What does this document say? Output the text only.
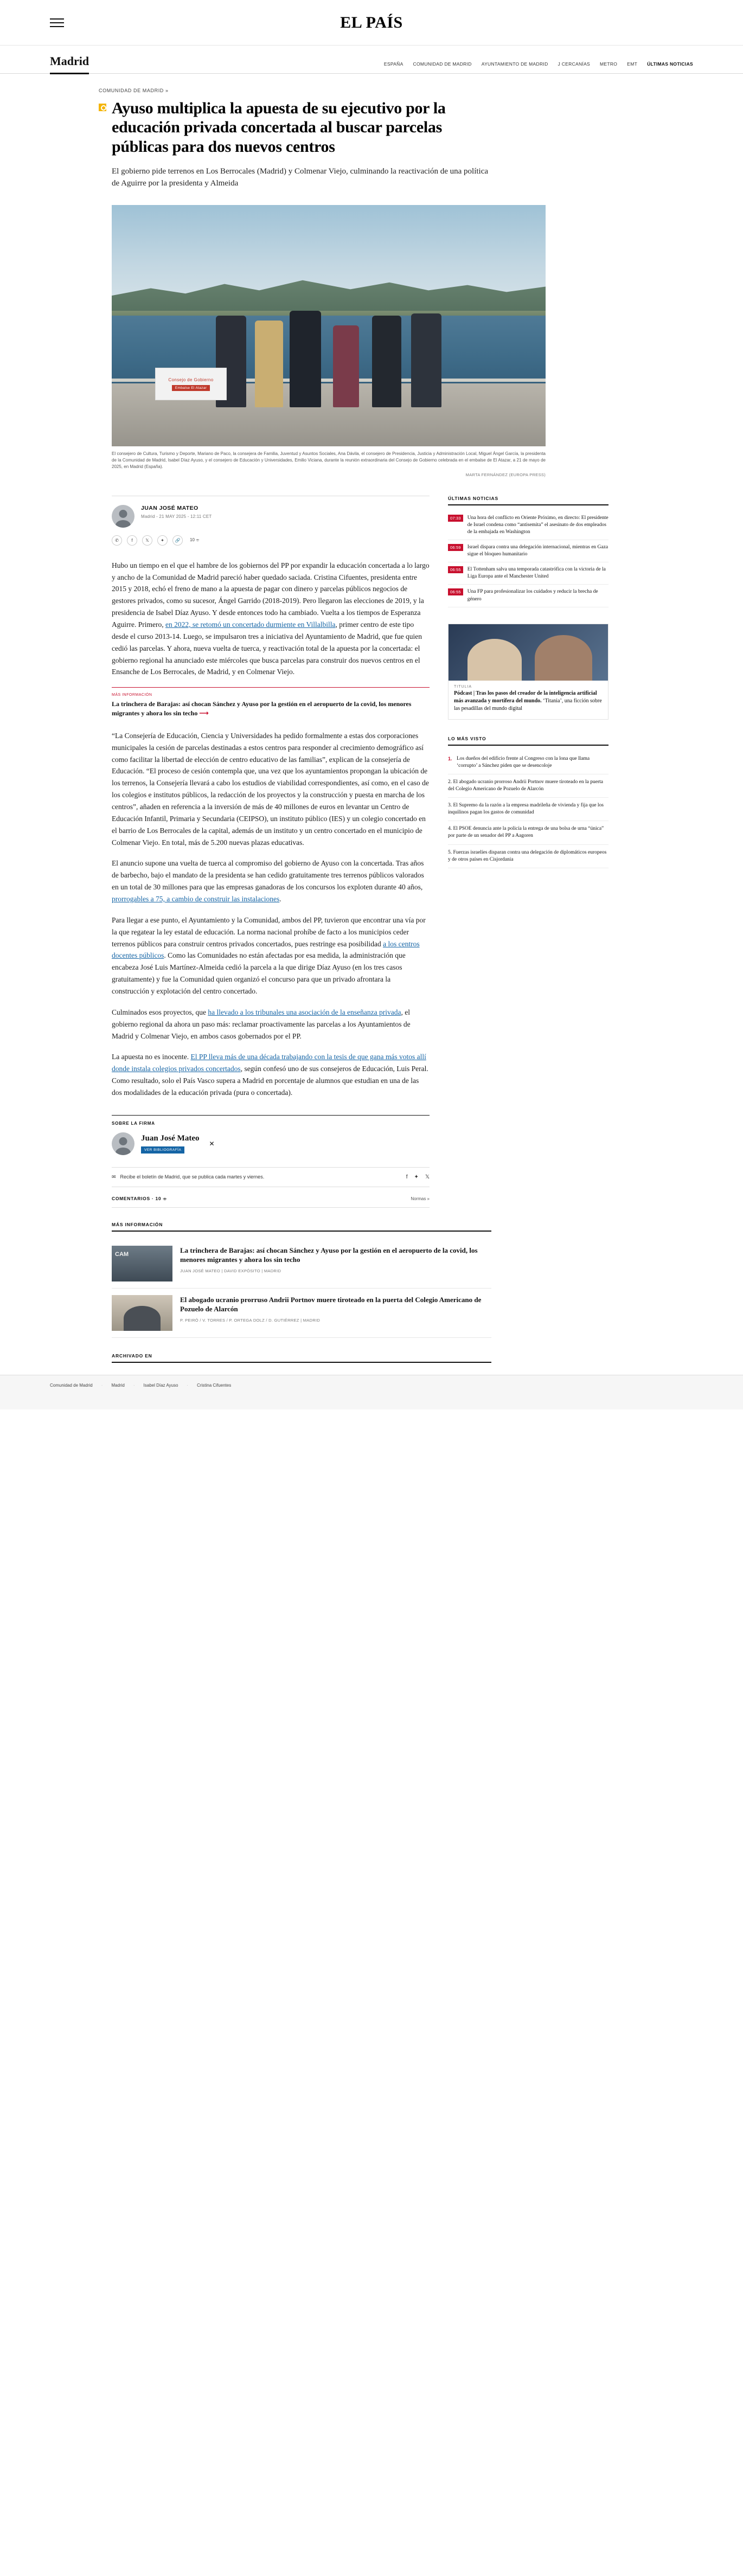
EL PAÍS
Madrid	ESPAÑA COMUNIDAD DE MADRID AYUNTAMIENTO DE MADRID J CERCANÍAS METRO EMT ÚLTIMAS NOTICIAS
COMUNIDAD DE MADRID »
Ayuso multiplica la apuesta de su ejecutivo por la educación privada concertada al buscar parcelas públicas para dos nuevos centros
El gobierno pide terrenos en Los Berrocales (Madrid) y Colmenar Viejo, culminando la reactivación de una política de Aguirre por la presidenta y Almeida
Consejo de Gobierno
Embalse El Atazar
El consejero de Cultura, Turismo y Deporte, Mariano de Paco, la consejera de Familia, Juventud y Asuntos Sociales, Ana Dávila, el consejero de Presidencia, Justicia y Administración Local, Miguel Ángel García, la presidenta de la Comunidad de Madrid, Isabel Díaz Ayuso, y el consejero de Educación y Universidades, Emilio Viciana, durante la reunión extraordinaria del Consejo de Gobierno celebrada en el embalse de El Atazar, a 21 de mayo de 2025, en Madrid (España).
MARTA FERNÁNDEZ (EUROPA PRESS)
JUAN JOSÉ MATEO
Madrid - 21 MAY 2025 - 12:11 CET
✆	f	𝕏	✦	🔗	10 ⌯

Hubo un tiempo en el que el hambre de los gobiernos del PP por expandir la educación concertada a lo largo y ancho de la Comunidad de Madrid pareció haber quedado saciada. Cristina Cifuentes, presidenta entre 2015 y 2018, echó el freno de mano a la apuesta de pagar con dinero y parcelas públicos negocios de gestores privados, como su sucesor, Ángel Garrido (2018-2019). Pero llegaron las elecciones de 2019, y la presidencia de Isabel Díaz Ayuso. Y desde entonces todo ha cambiado. Vuelta a los tiempos de Esperanza Aguirre. Primero, en 2022, se retomó un concertado durmiente en Villalbilla, primer centro de este tipo desde el curso 2013-14. Luego, se impulsaron tres a iniciativa del Ayuntamiento de Madrid, que fue quien cedió las parcelas. Y ahora, nueva vuelta de tuerca, y reactivación total de la apuesta por la concertada: el gobierno regional ha anunciado este miércoles que busca parcelas para construir dos nuevos centros en el Ensanche de Los Berrocales, de Madrid, y en Colmenar Viejo.

MÁS INFORMACIÓN
La trinchera de Barajas: así chocan Sánchez y Ayuso por la gestión en el aeropuerto de la covid, los menores migrantes y ahora los sin techo ⟶

“La Consejería de Educación, Ciencia y Universidades ha pedido formalmente a estas dos corporaciones municipales la cesión de parcelas destinadas a estos centros para responder al crecimiento demográfico así como facilitar la libertad de elección de centro educativo de las familias”, explican de la consejería de Educación. “El proceso de cesión contempla que, una vez que los ayuntamientos propongan la ubicación de los terrenos, la Consejería llevará a cabo los estudios de viabilidad correspondientes, así como, en el caso de los colegios e institutos públicos, la redacción de los proyectos y la construcción y puesta en marcha de los centros”, añaden en referencia a la inversión de más de 40 millones de euros en levantar un Centro de Educación Infantil, Primaria y Secundaria (CEIPSO), un instituto público (IES) y un colegio concertado en el barrio de Los Berrocales de la capital, además de un instituto y un centro concertado en el municipio de Colmenar Viejo. En total, más de 5.200 nuevas plazas educativas.

El anuncio supone una vuelta de tuerca al compromiso del gobierno de Ayuso con la concertada. Tras años de barbecho, bajo el mandato de la presidenta se han cedido gratuitamente tres terrenos públicos valorados en un total de 30 millones para que las empresas ganadoras de los concursos los exploten durante 40 años, prorrogables a 75, a cambio de construir las instalaciones.

Para llegar a ese punto, el Ayuntamiento y la Comunidad, ambos del PP, tuvieron que encontrar una vía por la que regatear la ley estatal de educación. La norma nacional prohíbe de facto a los municipios ceder terrenos públicos para construir centros privados concertados, pues restringe esa posibilidad a los centros docentes públicos. Como las Comunidades no están afectadas por esa medida, la administración que encabeza José Luis Martínez-Almeida cedió la parcela a la que dirige Díaz Ayuso (en los tres casos gratuitamente) y fue la Comunidad quien organizó el concurso para que un privado afrontara la construcción y explotación del centro concertado.

Culminados esos proyectos, que ha llevado a los tribunales una asociación de la enseñanza privada, el gobierno regional da ahora un paso más: reclamar proactivamente las parcelas a los Ayuntamientos de Madrid y Colmenar Viejo, en ambos casos gobernados por el PP.

La apuesta no es inocente. El PP lleva más de una década trabajando con la tesis de que gana más votos allí donde instala colegios privados concertados, según confesó uno de sus consejeros de Educación, Luis Peral. Como resultado, solo el País Vasco supera a Madrid en porcentaje de alumnos que estudian en una de las dos modalidades de la educación privada (pura o concertada).

SOBRE LA FIRMA
Juan José Mateo
VER BIBLIOGRAFÍA
✕
✉ Recibe el boletín de Madrid, que se publica cada martes y viernes.	f ✦ 𝕏
COMENTARIOS · 10 ⌯	Normas »
MÁS INFORMACIÓN
CAM
La trinchera de Barajas: así chocan Sánchez y Ayuso por la gestión en el aeropuerto de la covid, los menores migrantes y ahora los sin techo
JUAN JOSÉ MATEO | DAVID EXPÓSITO | MADRID
El abogado ucranio prorruso Andrii Portnov muere tiroteado en la puerta del Colegio Americano de Pozuelo de Alarcón
P. PEIRÓ / V. TORRES / P. ORTEGA DOLZ / D. GUTIÉRREZ | MADRID
ARCHIVADO EN
ÚLTIMAS NOTICIAS
07:33	Una hora del conflicto en Oriente Próximo, en directo: El presidente de Israel condena como “antisemita” el asesinato de dos empleados de la embajada en Washington
06:59	Israel dispara contra una delegación internacional, mientras en Gaza sigue el bloqueo humanitario
06:55	El Tottenham salva una temporada catastrófica con la victoria de la Liga Europa ante el Manchester United
06:55	Una FP para profesionalizar los cuidados y reducir la brecha de género
TITULIA
Pódcast | Tras los pasos del creador de la inteligencia artificial más avanzada y mortífera del mundo. ‘Titania’, una ficción sobre las pesadillas del mundo digital
LO MÁS VISTO
1. Los dueños del edificio frente al Congreso con la lona que llama ‘corrupto’ a Sánchez piden que se desencoloje
2. El abogado ucranio prorroso Andrii Portnov muere tiroteado en la puerta del Colegio Americano de Pozuelo de Alarcón
3. El Supremo da la razón a la empresa madrileña de vivienda y fija que los inquilinos pagan los gastos de comunidad
4. El PSOE denuncia ante la policía la entrega de una bolsa de urna “única” por parte de un senador del PP a Aagoren
5. Fuerzas israelíes disparan contra una delegación de diplomáticos europeos y de otros países en Cisjordania
Comunidad de Madrid · Madrid · Isabel Díaz Ayuso · Cristina Cifuentes
